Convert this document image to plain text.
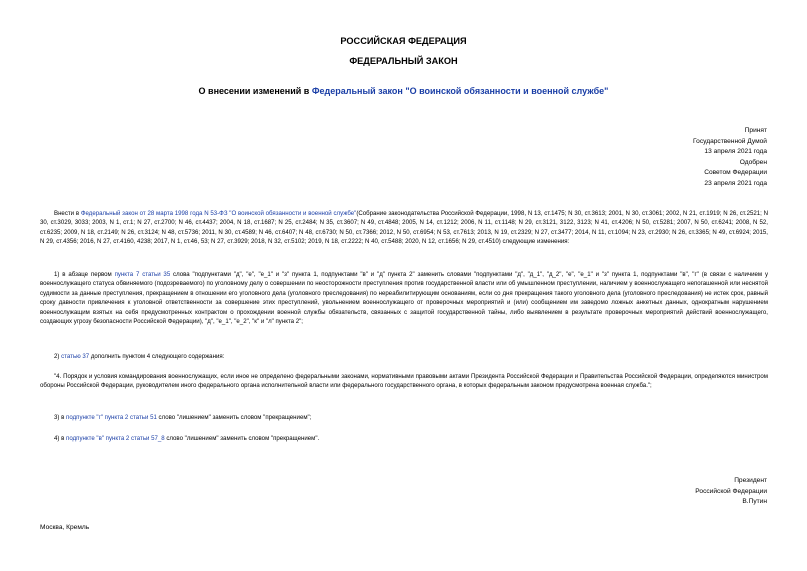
РОССИЙСКАЯ ФЕДЕРАЦИЯ
ФЕДЕРАЛЬНЫЙ ЗАКОН
О внесении изменений в Федеральный закон "О воинской обязанности и военной службе"
Принят
Государственной Думой
13 апреля 2021 года
Одобрен
Советом Федерации
23 апреля 2021 года

Внести в Федеральный закон от 28 марта 1998 года N 53-ФЗ "О воинской обязанности и военной службе"(Собрание законодательства Российской Федерации, 1998, N 13, ст.1475; N 30, ст.3613; 2001, N 30, ст.3061; 2002, N 21, ст.1919; N 26, ст.2521; N 30, ст.3029, 3033; 2003, N 1, ст.1; N 27, ст.2700; N 46, ст.4437; 2004, N 18, ст.1687; N 25, ст.2484; N 35, ст.3607; N 49, ст.4848; 2005, N 14, ст.1212; 2006, N 11, ст.1148; N 29, ст.3121, 3122, 3123; N 41, ст.4206; N 50, ст.5281; 2007, N 50, ст.6241; 2008, N 52, ст.6235; 2009, N 18, ст.2149; N 26, ст.3124; N 48, ст.5736; 2011, N 30, ст.4589; N 46, ст.6407; N 48, ст.6730; N 50, ст.7366; 2012, N 50, ст.6954; N 53, ст.7613; 2013, N 19, ст.2329; N 27, ст.3477; 2014, N 11, ст.1094; N 23, ст.2930; N 26, ст.3365; N 49, ст.6924; 2015, N 29, ст.4356; 2016, N 27, ст.4160, 4238; 2017, N 1, ст.46, 53; N 27, ст.3929; 2018, N 32, ст.5102; 2019, N 18, ст.2222; N 40, ст.5488; 2020, N 12, ст.1656; N 29, ст.4510) следующие изменения:

1) в абзаце первом пункта 7 статьи 35 слова "подпунктами "д", "е", "е_1" и "з" пункта 1, подпунктами "в" и "д" пункта 2" заменить словами "подпунктами "д", "д_1", "д_2", "е", "е_1" и "з" пункта 1, подпунктами "в", "г" (в связи с наличием у военнослужащего статуса обвиняемого (подозреваемого) по уголовному делу о совершении по неосторожности преступления против государственной власти или об умышленном преступлении, наличием у военнослужащего непогашенной или неснятой судимости за данные преступления, прекращением в отношении его уголовного дела (уголовного преследования) по нереабилитирующим основаниям, если со дня прекращения такого уголовного дела (уголовного преследования) не истек срок, равный сроку давности привлечения к уголовной ответственности за совершение этих преступлений, увольнением военнослужащего от проверочных мероприятий и (или) сообщением им заведомо ложных анкетных данных, однократным нарушением военнослужащим взятых на себя предусмотренных контрактом о прохождении военной службы обязательств, связанных с защитой государственной тайны, либо выявлением в результате проверочных мероприятий действий военнослужащего, создающих угрозу безопасности Российской Федерации), "д", "е_1", "е_2", "к" и "л" пункта 2";

2) статью 37 дополнить пунктом 4 следующего содержания:

"4. Порядок и условия командирования военнослужащих, если иное не определено федеральными законами, нормативными правовыми актами Президента Российской Федерации и Правительства Российской Федерации, определяются министром обороны Российской Федерации, руководителем иного федерального органа исполнительной власти или федерального государственного органа, в которых федеральным законом предусмотрена военная служба.";

3) в подпункте "г" пункта 2 статьи 51 слово "лишением" заменить словом "прекращением";
4) в подпункте "в" пункта 2 статьи 57_8 слово "лишением" заменить словом "прекращением".
Президент
Российской Федерации
В.Путин
Москва, Кремль
